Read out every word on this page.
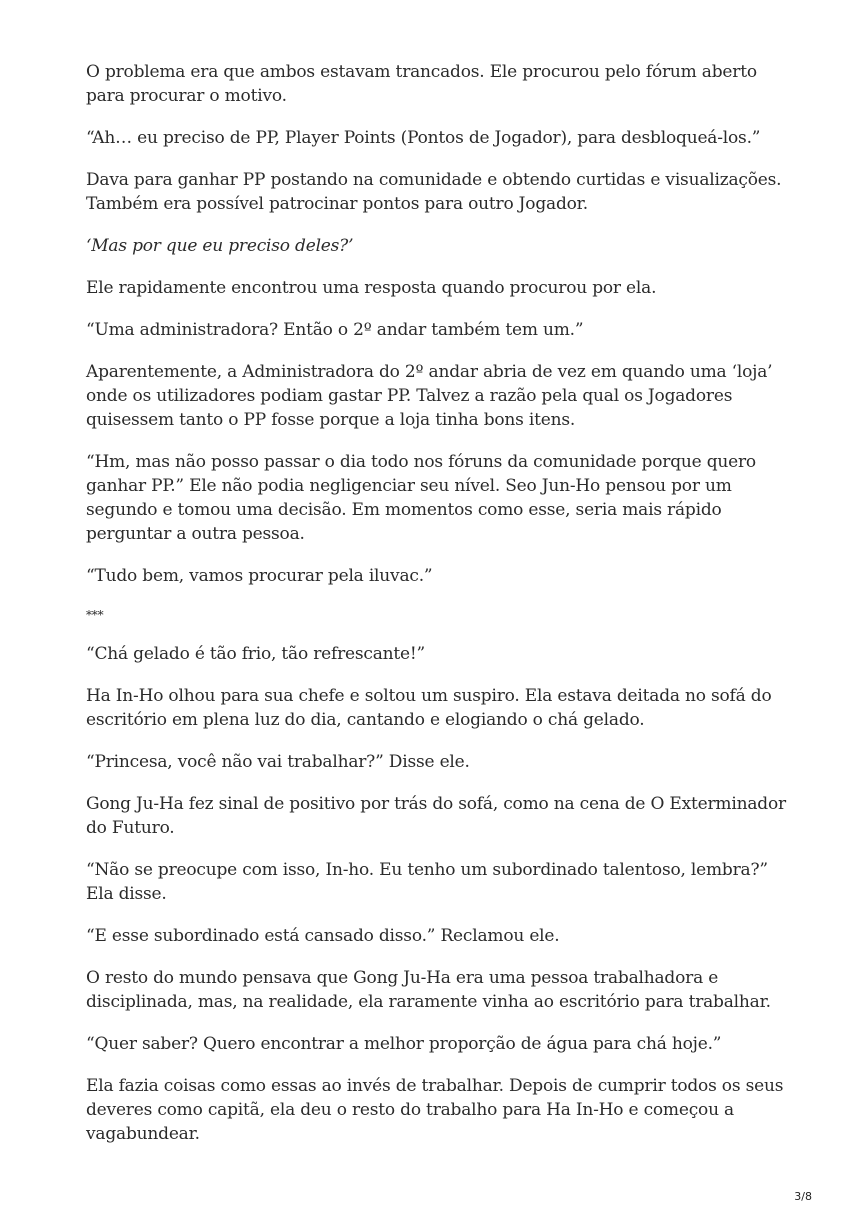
O problema era que ambos estavam trancados. Ele procurou pelo fórum aberto para procurar o motivo.

“Ah… eu preciso de PP, Player Points (Pontos de Jogador), para desbloqueá-los.”

Dava para ganhar PP postando na comunidade e obtendo curtidas e visualizações. Também era possível patrocinar pontos para outro Jogador.

‘Mas por que eu preciso deles?’

Ele rapidamente encontrou uma resposta quando procurou por ela.

“Uma administradora? Então o 2º andar também tem um.”

Aparentemente, a Administradora do 2º andar abria de vez em quando uma ‘loja’ onde os utilizadores podiam gastar PP. Talvez a razão pela qual os Jogadores quisessem tanto o PP fosse porque a loja tinha bons itens.

“Hm, mas não posso passar o dia todo nos fóruns da comunidade porque quero ganhar PP.” Ele não podia negligenciar seu nível. Seo Jun-Ho pensou por um segundo e tomou uma decisão. Em momentos como esse, seria mais rápido perguntar a outra pessoa.

“Tudo bem, vamos procurar pela iluvac.”

***

“Chá gelado é tão frio, tão refrescante!”

Ha In-Ho olhou para sua chefe e soltou um suspiro. Ela estava deitada no sofá do escritório em plena luz do dia, cantando e elogiando o chá gelado.

“Princesa, você não vai trabalhar?” Disse ele.

Gong Ju-Ha fez sinal de positivo por trás do sofá, como na cena de O Exterminador do Futuro.

“Não se preocupe com isso, In-ho. Eu tenho um subordinado talentoso, lembra?” Ela disse.

“E esse subordinado está cansado disso.” Reclamou ele.

O resto do mundo pensava que Gong Ju-Ha era uma pessoa trabalhadora e disciplinada, mas, na realidade, ela raramente vinha ao escritório para trabalhar.

“Quer saber? Quero encontrar a melhor proporção de água para chá hoje.”

Ela fazia coisas como essas ao invés de trabalhar. Depois de cumprir todos os seus deveres como capitã, ela deu o resto do trabalho para Ha In-Ho e começou a vagabundear.

3/8
